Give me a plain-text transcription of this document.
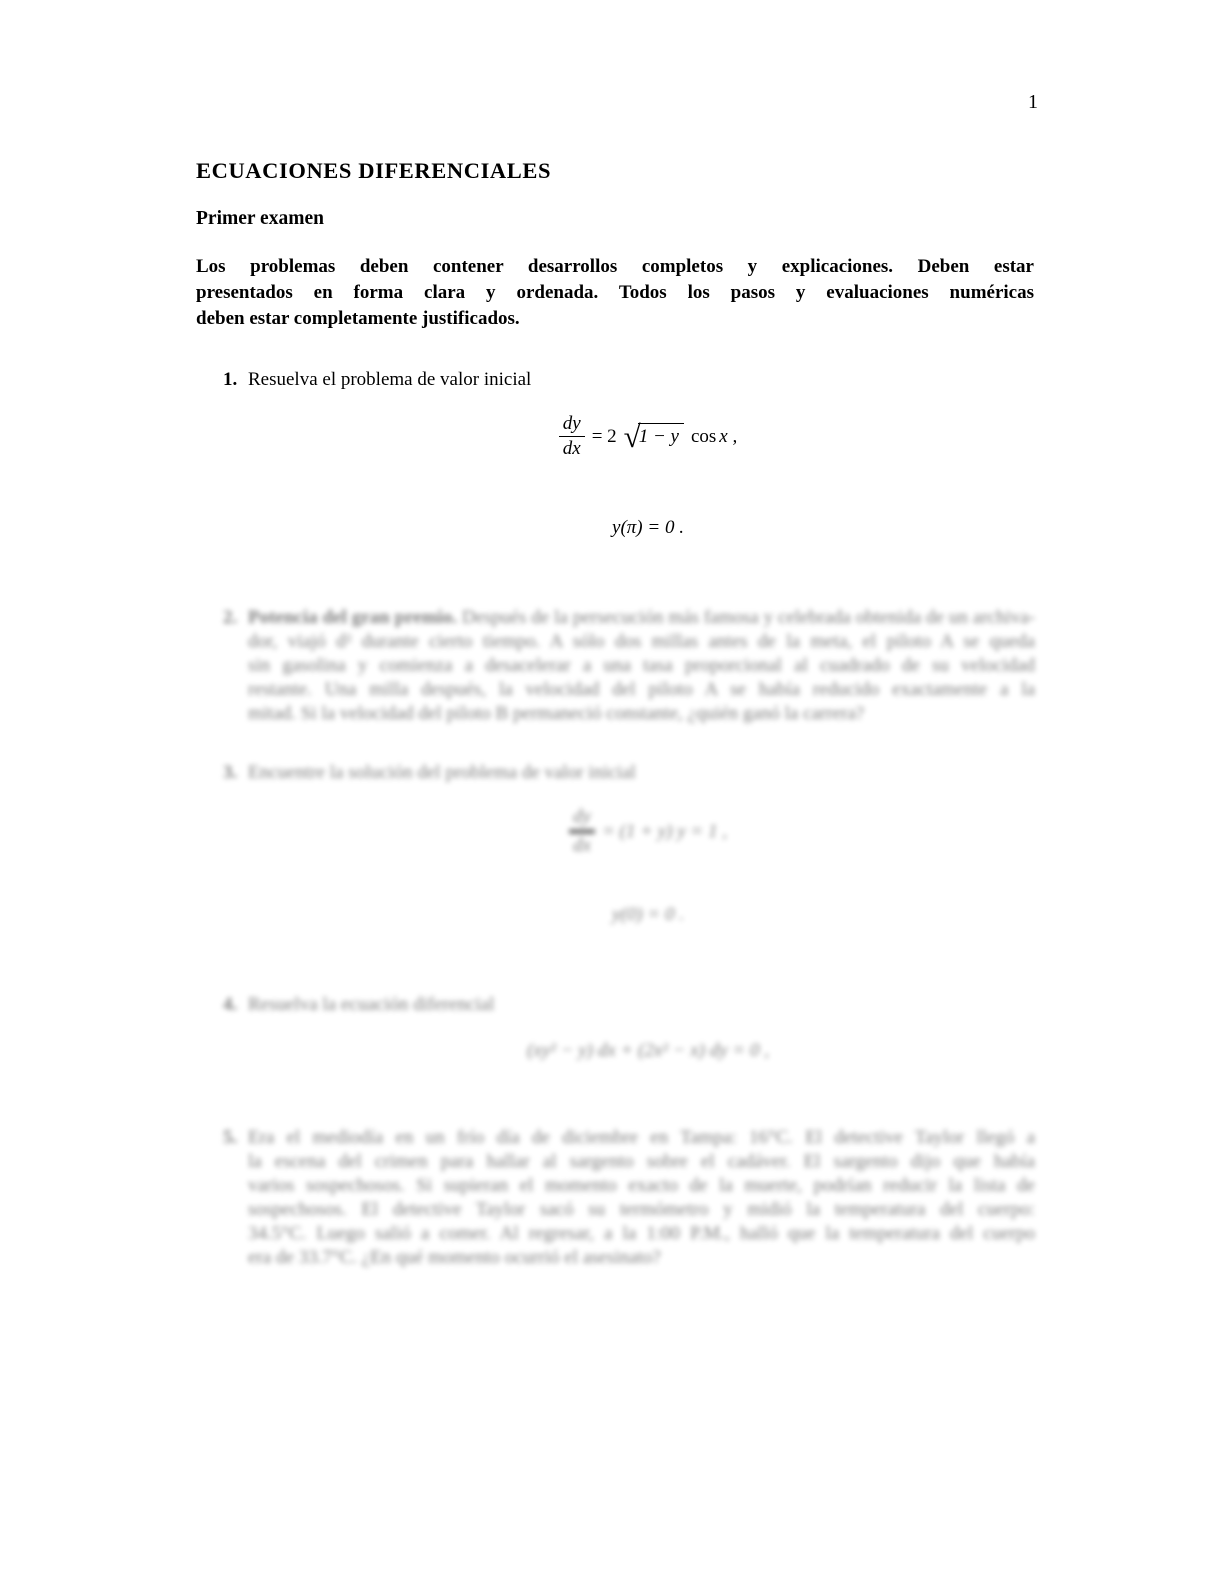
1
ECUACIONES DIFERENCIALES
Primer examen
Los problemas deben contener desarrollos completos y explicaciones. Deben estar
presentados en forma clara y ordenada. Todos los pasos y evaluaciones numéricas
deben estar completamente justificados.
1. Resuelva el problema de valor inicial
$\frac{dy}{dx} = 2$ √
1 − y cos x ,
y(π) = 0 .
2. Potencia del gran premio. Después de la persecución más famosa y celebrada obtenida de un archiva-
dor, viajó d² durante cierto tiempo. A sólo dos millas antes de la meta, el piloto A se queda
sin gasolina y comienza a desacelerar a una tasa proporcional al cuadrado de su velocidad
restante. Una milla después, la velocidad del piloto A se había reducido exactamente a la
mitad. Si la velocidad del piloto B permaneció constante, ¿quién ganó la carrera?
3. Encuentre la solución del problema de valor inicial
$\frac{dy}{dx} = (1 + y) y = 1$ ,
y(0) = 0 .
4. Resuelva la ecuación diferencial
(xy² − y) dx + (2x² − x) dy = 0 ,
5. Era el mediodía en un frío día de diciembre en Tampa: 16°C. El detective Taylor llegó a
la escena del crimen para hallar al sargento sobre el cadáver. El sargento dijo que había
varios sospechosos. Si supieran el momento exacto de la muerte, podrían reducir la lista de
sospechosos. El detective Taylor sacó su termómetro y midió la temperatura del cuerpo:
34.5°C. Luego salió a comer. Al regresar, a la 1:00 P.M., halló que la temperatura del cuerpo
era de 33.7°C. ¿En qué momento ocurrió el asesinato?
